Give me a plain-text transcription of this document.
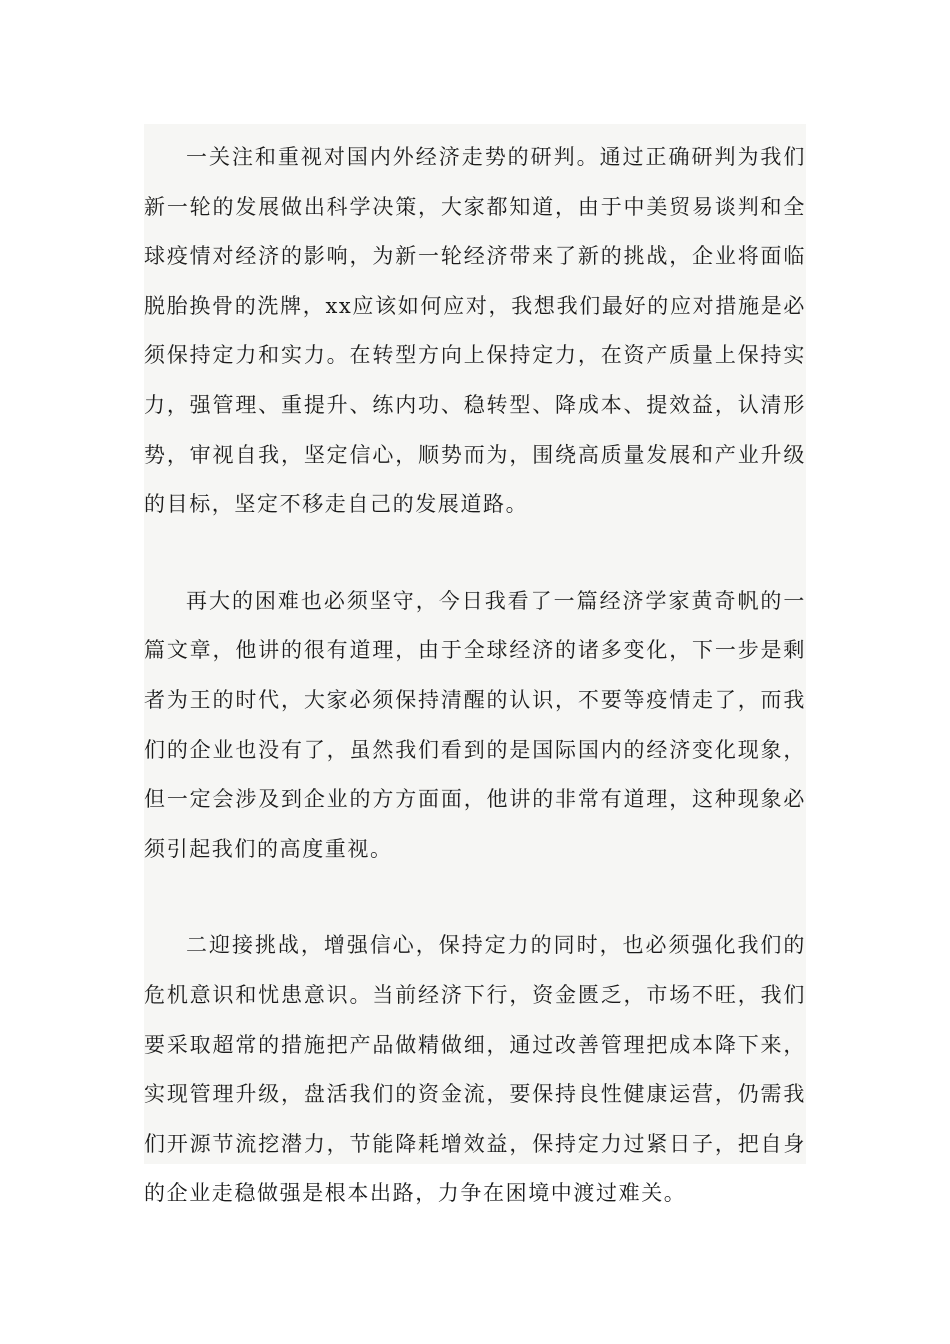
一关注和重视对国内外经济走势的研判。通过正确研判为我们新一轮的发展做出科学决策，大家都知道，由于中美贸易谈判和全球疫情对经济的影响，为新一轮经济带来了新的挑战，企业将面临脱胎换骨的洗牌，xx应该如何应对，我想我们最好的应对措施是必须保持定力和实力。在转型方向上保持定力，在资产质量上保持实力，强管理、重提升、练内功、稳转型、降成本、提效益，认清形势，审视自我，坚定信心，顺势而为，围绕高质量发展和产业升级的目标，坚定不移走自己的发展道路。

再大的困难也必须坚守，今日我看了一篇经济学家黄奇帆的一篇文章，他讲的很有道理，由于全球经济的诸多变化，下一步是剩者为王的时代，大家必须保持清醒的认识，不要等疫情走了，而我们的企业也没有了，虽然我们看到的是国际国内的经济变化现象，但一定会涉及到企业的方方面面，他讲的非常有道理，这种现象必须引起我们的高度重视。

二迎接挑战，增强信心，保持定力的同时，也必须强化我们的危机意识和忧患意识。当前经济下行，资金匮乏，市场不旺，我们要采取超常的措施把产品做精做细，通过改善管理把成本降下来，实现管理升级，盘活我们的资金流，要保持良性健康运营，仍需我们开源节流挖潜力，节能降耗增效益，保持定力过紧日子，把自身的企业走稳做强是根本出路，力争在困境中渡过难关。
